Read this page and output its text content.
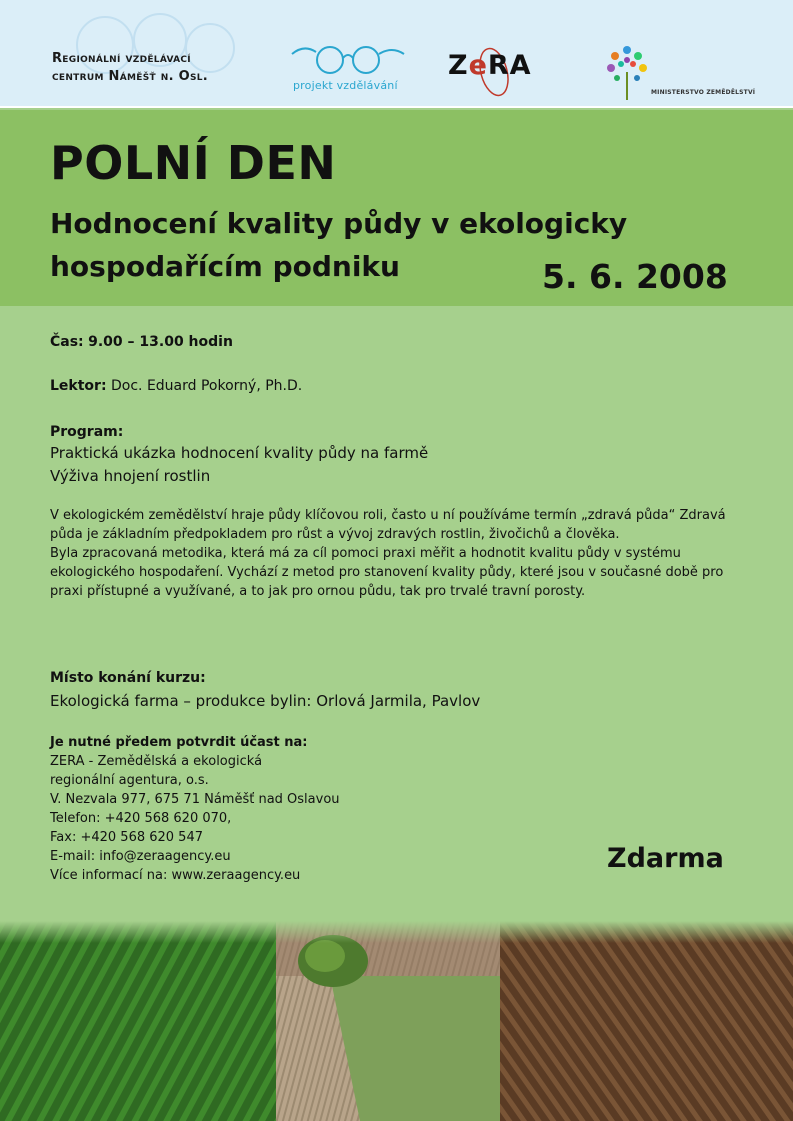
Regionální vzdělávací
centrum Náměšť n. Osl.
projekt vzdělávání
ZeRA
MINISTERSTVO ZEMĚDĚLSTVÍ
POLNÍ DEN
Hodnocení kvality půdy v ekologicky
hospodařícím podniku	5. 6. 2008
Čas: 9.00 – 13.00 hodin
Lektor: Doc. Eduard Pokorný, Ph.D.
Program:
Praktická ukázka hodnocení kvality půdy na farmě
Výživa hnojení rostlin

V ekologickém zemědělství hraje půdy klíčovou roli, často u ní používáme termín „zdravá půda“ Zdravá půda je základním předpokladem pro růst a vývoj zdravých rostlin, živočichů a člověka.

Byla zpracovaná metodika, která má za cíl pomoci praxi měřit a hodnotit kvalitu půdy v systému ekologického hospodaření. Vychází z metod pro stanovení kvality půdy, které jsou v současné době pro praxi přístupné a využívané, a to jak pro ornou půdu, tak pro trvalé travní porosty.

Místo konání kurzu:
Ekologická farma – produkce bylin: Orlová Jarmila, Pavlov
Je nutné předem potvrdit účast na:
ZERA - Zemědělská a ekologická
regionální agentura, o.s.
V. Nezvala 977, 675 71 Náměšť nad Oslavou
Telefon: +420 568 620 070,
Fax: +420 568 620 547
E-mail: info@zeraagency.eu
Více informací na: www.zeraagency.eu
Zdarma
